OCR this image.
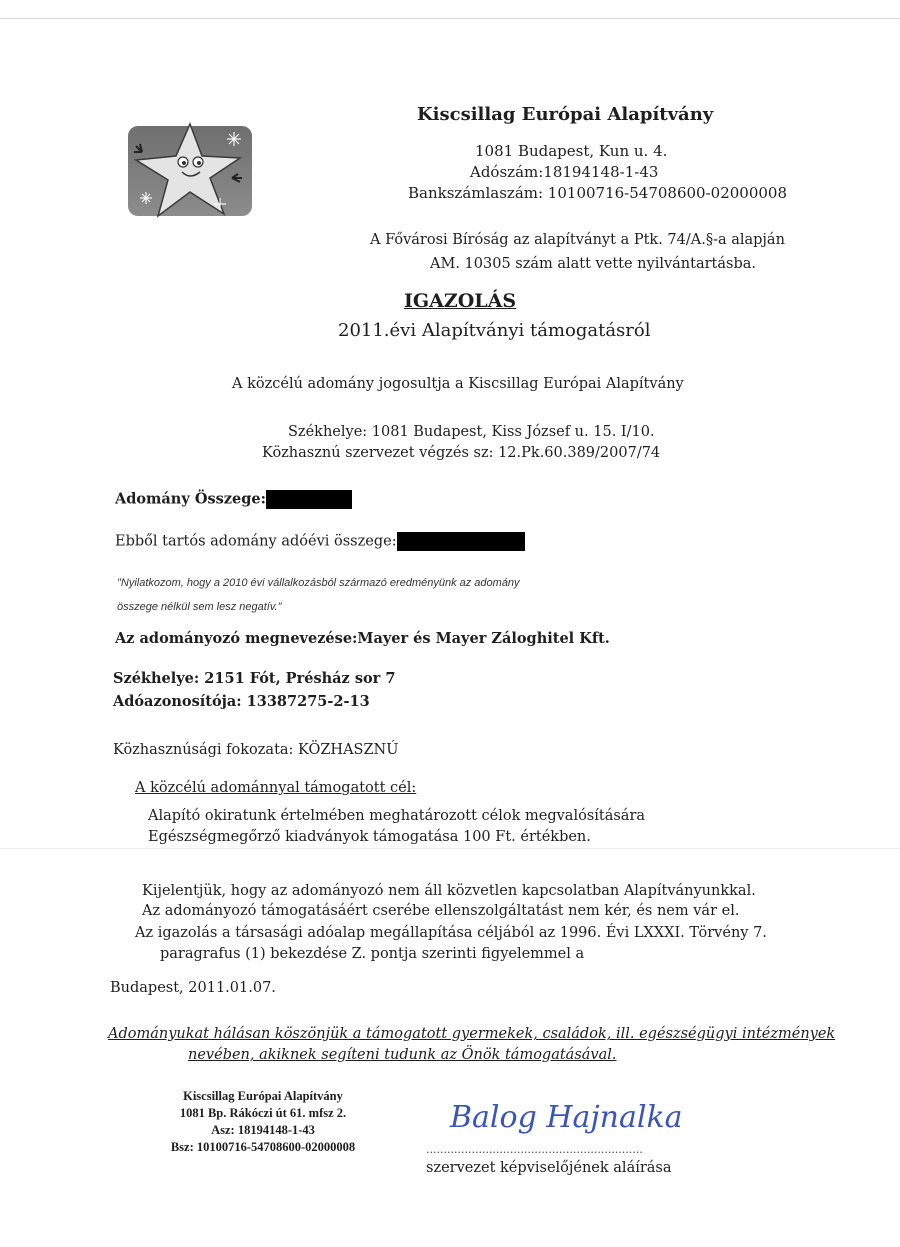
Kiscsillag Európai Alapítvány
1081 Budapest, Kun u. 4.
Adószám:18194148-1-43
Bankszámlaszám: 10100716-54708600-02000008
A Fővárosi Bíróság az alapítványt a Ptk. 74/A.§-a alapján
AM. 10305 szám alatt vette nyilvántartásba.
IGAZOLÁS
2011.évi Alapítványi támogatásról
A közcélú adomány jogosultja a Kiscsillag Európai Alapítvány
Székhelye: 1081 Budapest, Kiss József u. 15. I/10.
Közhasznú szervezet végzés sz: 12.Pk.60.389/2007/74
Adomány Összege:
Ebből tartós adomány adóévi összege:
"Nyilatkozom, hogy a 2010 évi vállalkozásból származó eredményünk az adomány
összege nélkül sem lesz negatív."
Az adományozó megnevezése:Mayer és Mayer Záloghitel Kft.
Székhelye: 2151 Fót, Présház sor 7
Adóazonosítója: 13387275-2-13
Közhasznúsági fokozata: KÖZHASZNÚ
A közcélú adománnyal támogatott cél:
Alapító okiratunk értelmében meghatározott célok megvalósítására
Egészségmegőrző kiadványok támogatása 100 Ft. értékben.
Kijelentjük, hogy az adományozó nem áll közvetlen kapcsolatban Alapítványunkkal.
Az adományozó támogatásáért cserébe ellenszolgáltatást nem kér, és nem vár el.
Az igazolás a társasági adóalap megállapítása céljából az 1996. Évi LXXXI. Törvény 7.
paragrafus (1) bekezdése Z. pontja szerinti figyelemmel a
Budapest, 2011.01.07.
Adományukat hálásan köszönjük a támogatott gyermekek, családok, ill. egészségügyi intézmények
nevében, akiknek segíteni tudunk az Önök támogatásával.
Kiscsillag Európai Alapítvány
1081 Bp. Rákóczi út 61. mfsz 2.
Asz: 18194148-1-43
Bsz: 10100716-54708600-02000008
Balog Hajnalka
..............................................................
szervezet képviselőjének aláírása
